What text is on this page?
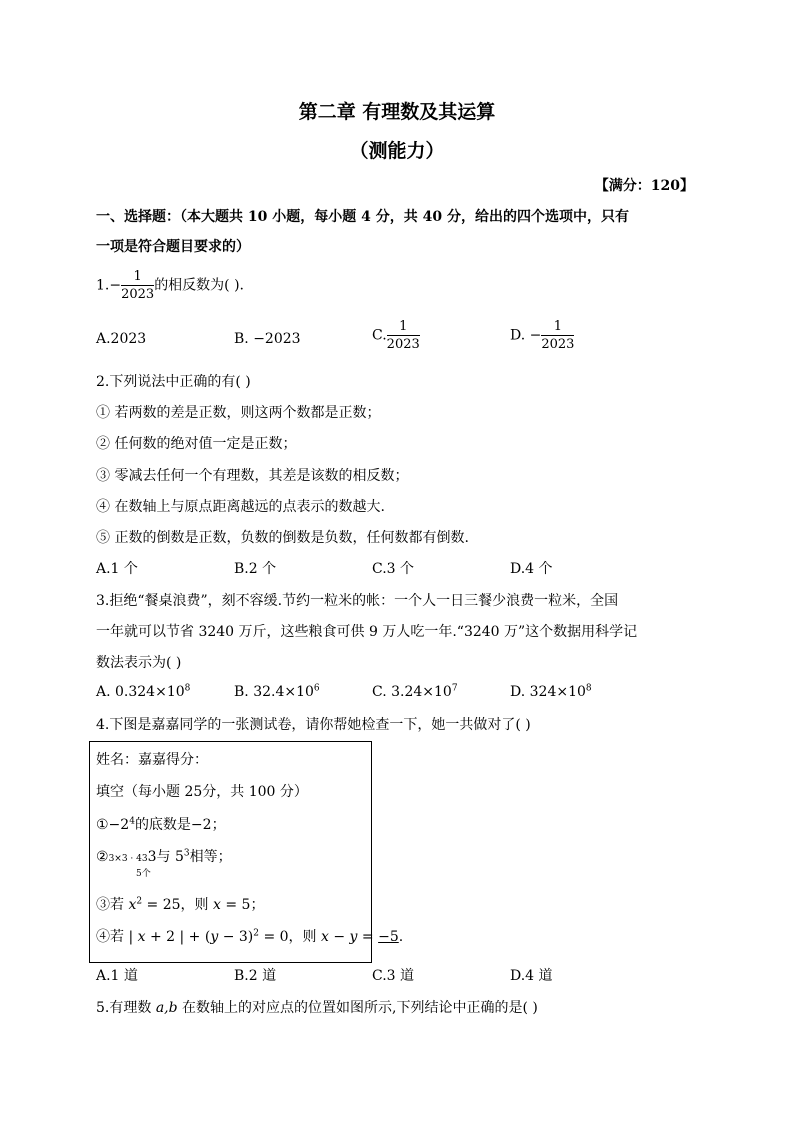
第二章 有理数及其运算
（测能力）
【满分：120】
一、选择题：（本大题共 10 小题，每小题 4 分，共 40 分，给出的四个选项中，只有
一项是符合题目要求的）
$1.- \frac{1}{2023}$ 的相反数为( ).
A.2023	B. −2023	C. $\frac{1}{2023}$	D. − $\frac{1}{2023}$
2.下列说法中正确的有( )
① 若两数的差是正数，则这两个数都是正数；
② 任何数的绝对值一定是正数；
③ 零减去任何一个有理数，其差是该数的相反数；
④ 在数轴上与原点距离越远的点表示的数越大.
⑤ 正数的倒数是正数，负数的倒数是负数，任何数都有倒数.
A.1 个	B.2 个	C.3 个	D.4 个
3.拒绝“餐桌浪费”，刻不容缓.节约一粒米的帐：一个人一日三餐少浪费一粒米，全国
一年就可以节省 3240 万斤，这些粮食可供 9 万人吃一年.“3240 万”这个数据用科学记
数法表示为( )
A. $0.324\times 10^8$	B. $32.4\times 10^6$	C. $3.24\times 10^7$	D. $324\times 10^8$
4.下图是嘉嘉同学的一张测试卷，请你帮她检查一下，她一共做对了( )
姓名：嘉嘉得分：
填空（每小题 25分，共 100 分）
$①-2^4$的底数是−2；
②3×3 · 433与 $5^3$相等；
5个
③若 $x^2 = 25$，则 x = 5；
④若 | x + 2 | + $(y - 3)^2 = 0$，则 x − y = −5.
A.1 道	B.2 道	C.3 道	D.4 道
5.有理数 a,b 在数轴上的对应点的位置如图所示,下列结论中正确的是( )
